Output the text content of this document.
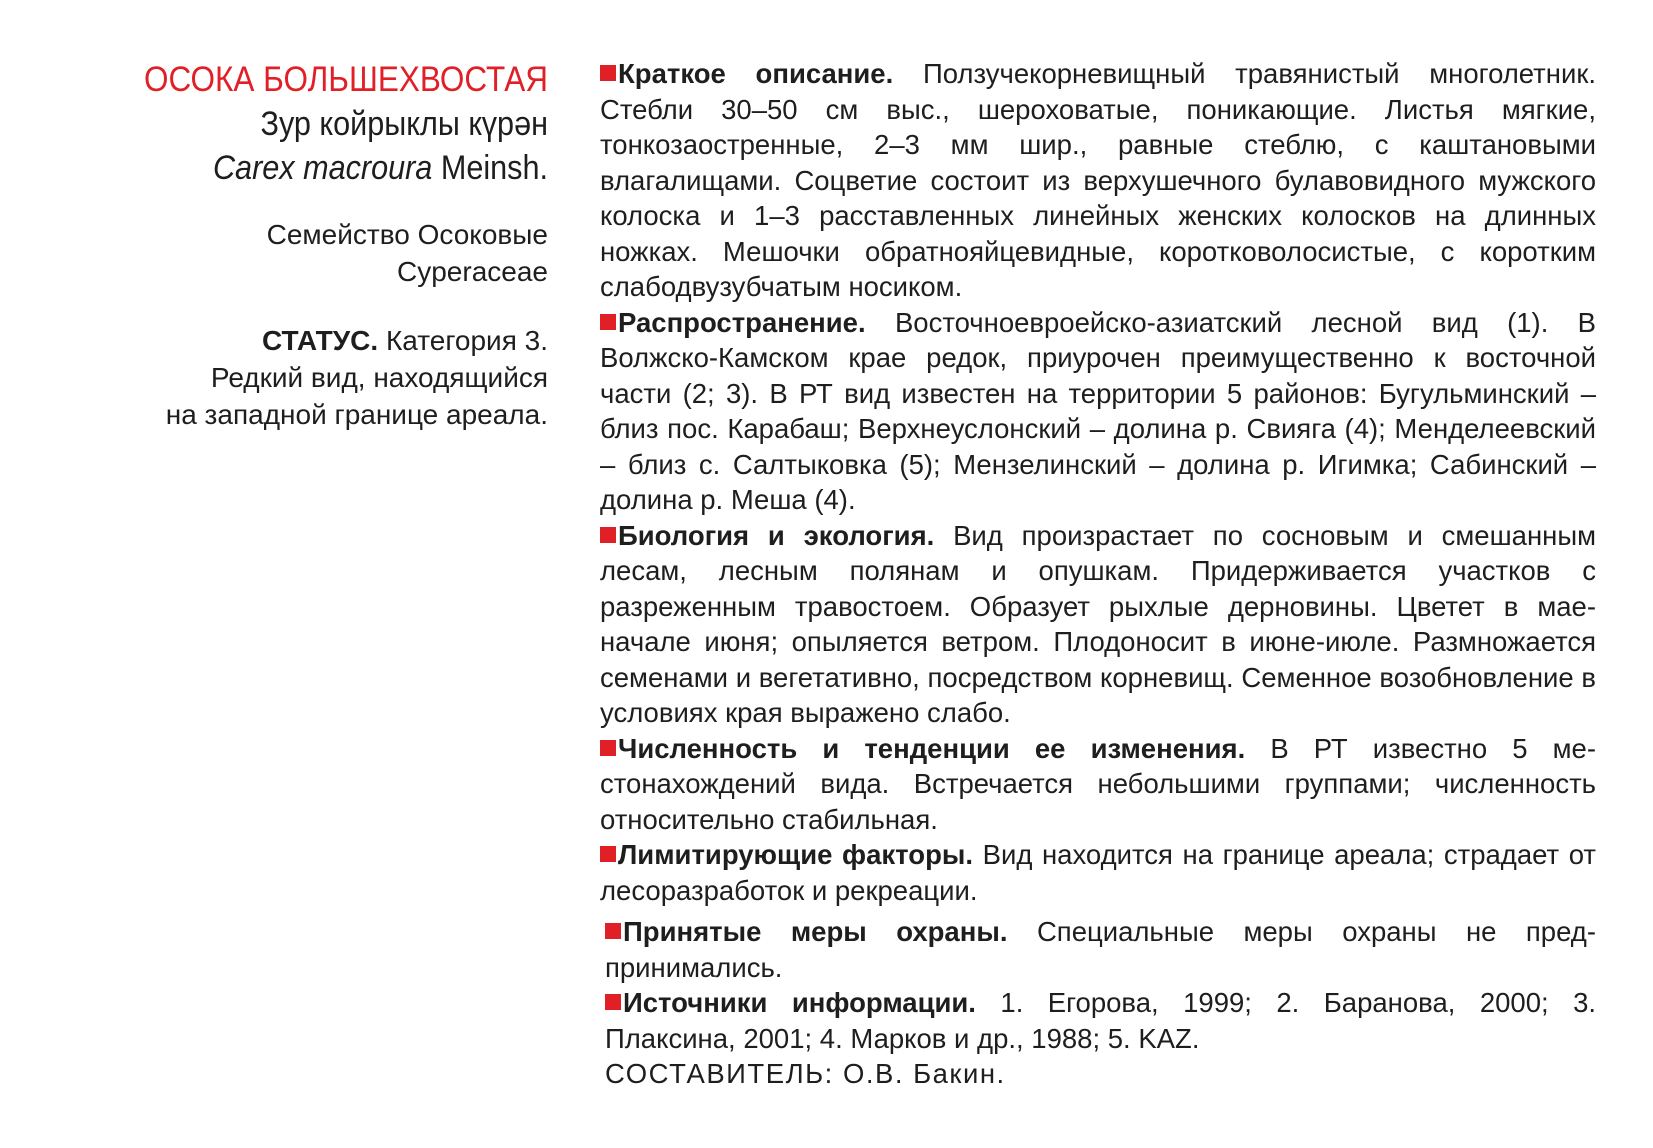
ОСОКА БОЛЬШЕХВОСТАЯ
Зур койрыклы күрән
Carex macroura Meinsh.
Семейство Осоковые
Cyperaceae
СТАТУС. Категория 3.
Редкий вид, находящийся
на западной границе ареала.

Краткое описание. Ползучекорневищный травянистый многолетник. Стебли 30–50 см выс., шероховатые, поникающие. Листья мягкие, тонкозаостренные, 2–3 мм шир., равные стеблю, с каштановыми влагалищами. Соцветие состоит из верхушечного булавовидного мужского колоска и 1–3 расставленных линейных женских колосков на длинных ножках. Мешочки обратнояйцевидные, коротковолосистые, с коротким слабодвузубчатым носиком.

Распространение. Восточноевроейско-азиатский лесной вид (1). В Волжско-Камском крае редок, приурочен преимущественно к восточной части (2; 3). В РТ вид известен на территории 5 районов: Бугульминский – близ пос. Карабаш; Верхнеуслонский – долина р. Свияга (4); Менделеевский – близ с. Салтыковка (5); Мензелинский – долина р. Игимка; Сабинский – долина р. Меша (4).

Биология и экология. Вид произрастает по сосновым и смешанным лесам, лесным полянам и опушкам. Придерживается участков с разреженным травостоем. Образует рыхлые дерновины. Цветет в мае-начале июня; опыляется ветром. Плодоносит в июне-июле. Размножается семенами и вегетативно, посредством корневищ. Семенное возобновление в условиях края выражено слабо.

Численность и тенденции ее изменения. В РТ известно 5 местонахождений вида. Встречается небольшими группами; численность относительно стабильная.

Лимитирующие факторы. Вид находится на границе ареала; страдает от лесоразработок и рекреации.

Принятые меры охраны. Специальные меры охраны не предпринимались.

Источники информации. 1. Егорова, 1999; 2. Баранова, 2000; 3. Плаксина, 2001; 4. Марков и др., 1988; 5. KAZ.

СОСТАВИТЕЛЬ: О.В. Бакин.
